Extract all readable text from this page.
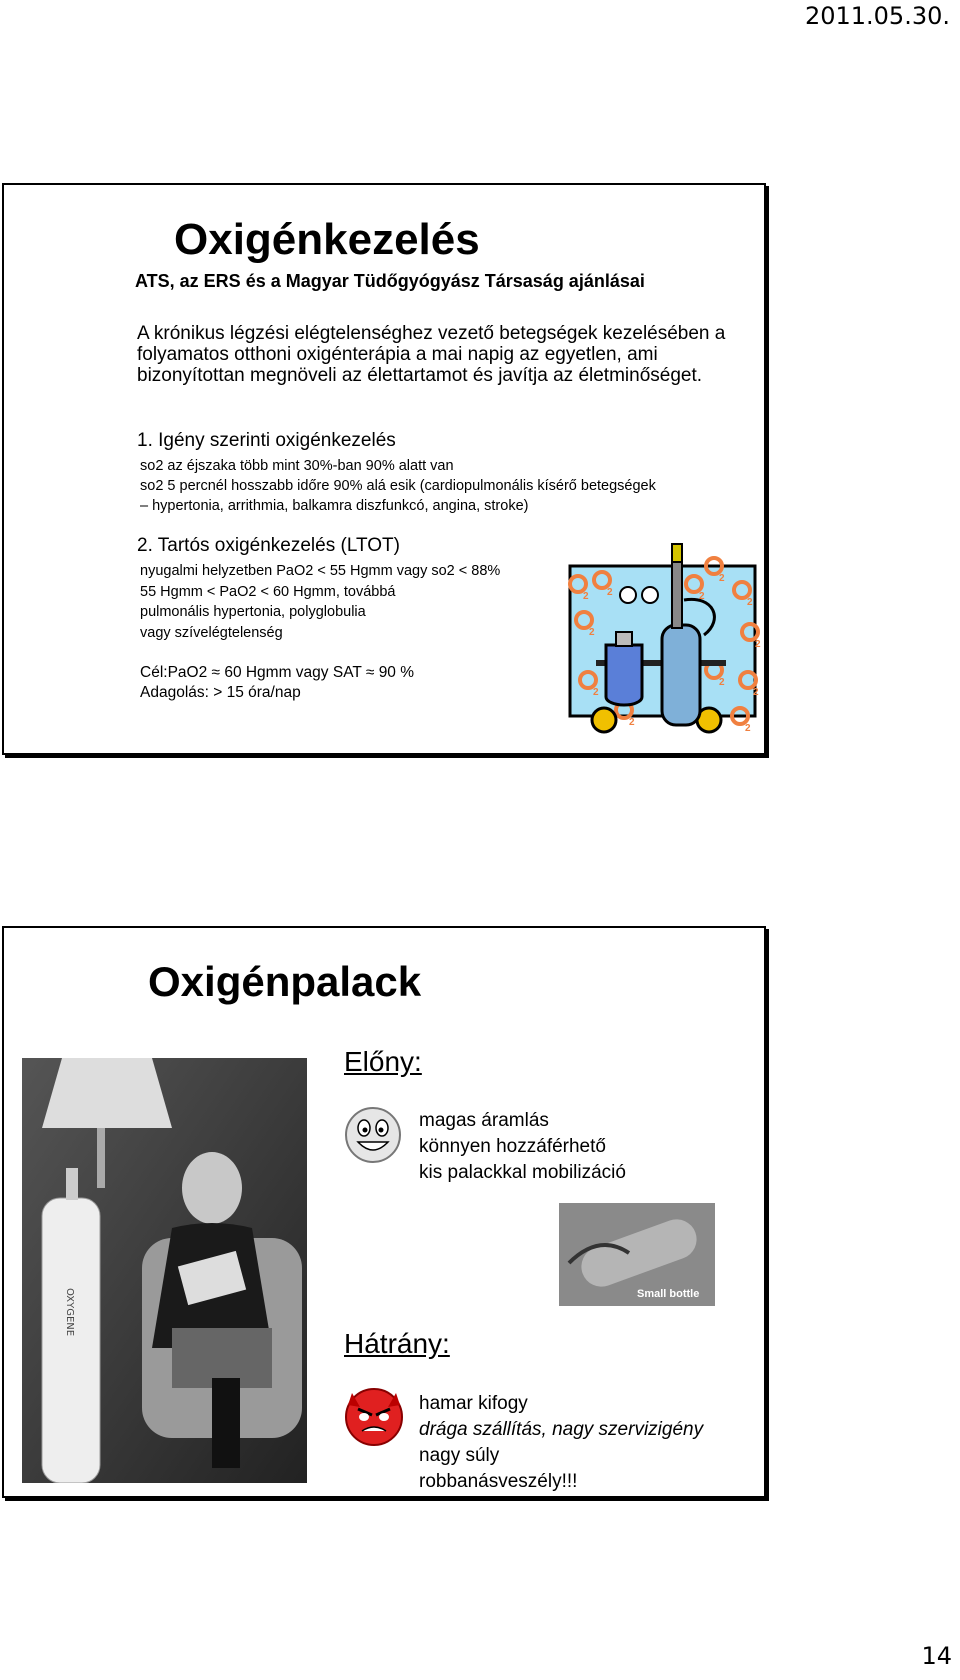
2011.05.30.
Oxigénkezelés
ATS, az ERS és a Magyar Tüdőgyógyász Társaság ajánlásai

A krónikus légzési elégtelenséghez vezető betegségek kezelésében a folyamatos otthoni oxigénterápia a mai napig az egyetlen, ami bizonyítottan megnöveli az élettartamot és javítja az életminőséget.

1. Igény szerinti oxigénkezelés
so2 az éjszaka több mint 30%-ban 90% alatt van
so2 5 percnél hosszabb időre 90% alá esik (cardiopulmonális kísérő betegségek
– hypertonia, arrithmia, balkamra diszfunkcó, angina, stroke)
2. Tartós oxigénkezelés (LTOT)
nyugalmi helyzetben PaO2 < 55 Hgmm vagy so2 < 88%
55 Hgmm < PaO2 < 60 Hgmm, továbbá
pulmonális hypertonia, polyglobulia
vagy szívelégtelenség
Cél:PaO2 ≈ 60 Hgmm vagy SAT ≈ 90 %
Adagolás: > 15 óra/nap
2 2
2
2
2
2
2
2	2
2
2
2
Oxigénpalack
OXYGENE
Előny:
magas áramlás
könnyen hozzáférhető
kis palackkal mobilizáció
Small bottle
Hátrány:
hamar kifogy
drága szállítás, nagy szervizigény
nagy súly
robbanásveszély!!!
14
